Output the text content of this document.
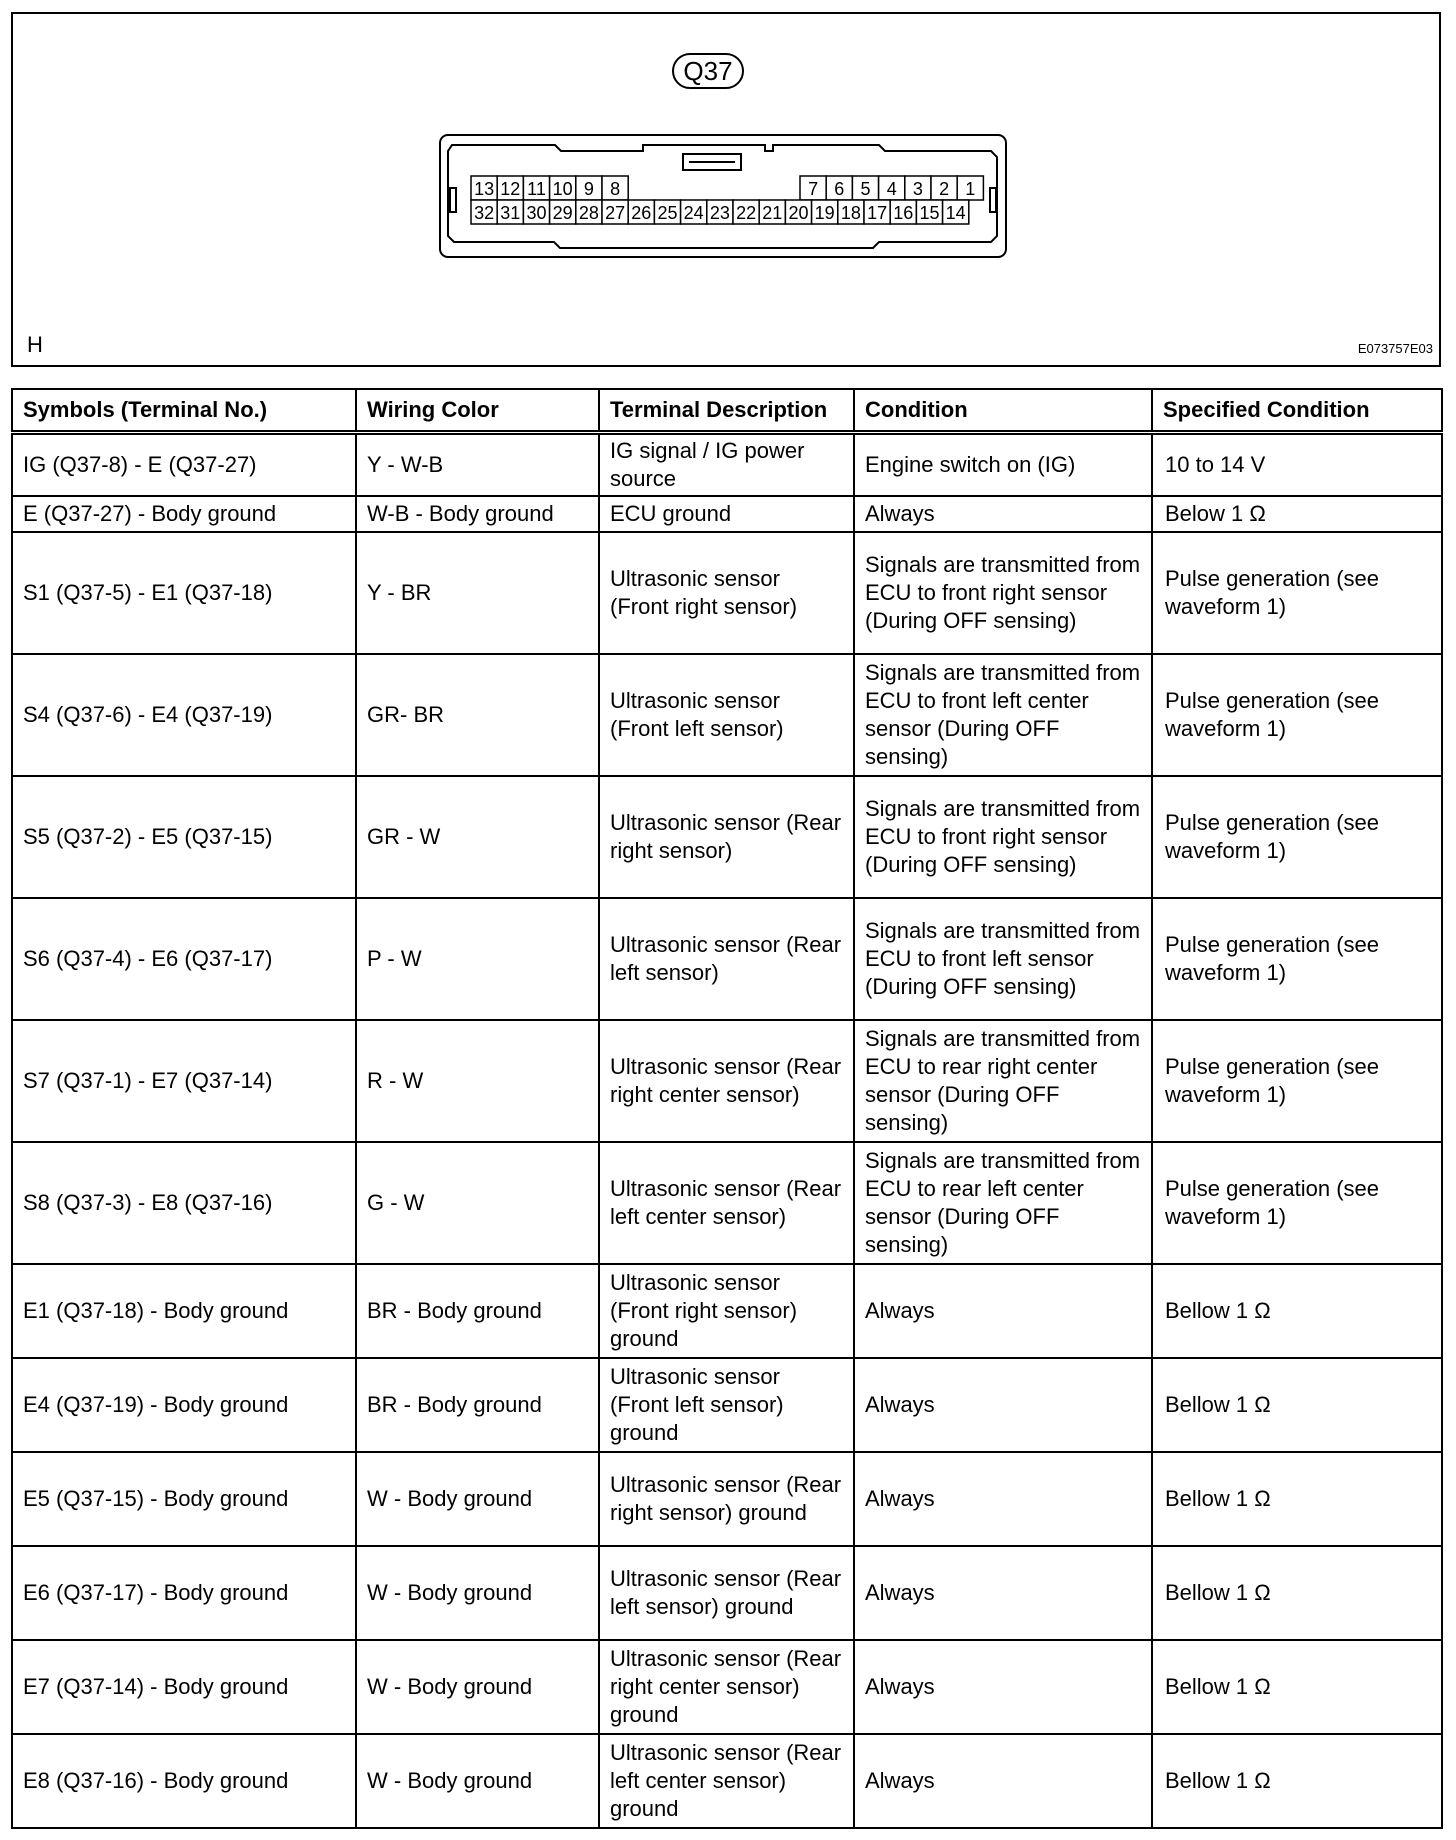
Q37
13 12 11 10 9 8	7 6 5 4 3 2 1
32 31 30 29 28 27 26 25 24 23 22 21 20 19 18 17 16 15 14
H	E073757E03
Symbols (Terminal No.)	Wiring Color	Terminal Description	Condition	Specified Condition
IG (Q37-8) - E (Q37-27)	Y - W-B	IG signal / IG power source	Engine switch on (IG)	10 to 14 V
E (Q37-27) - Body ground	W-B - Body ground	ECU ground	Always	Below 1 Ω
S1 (Q37-5) - E1 (Q37-18)	Y - BR	Ultrasonic sensor (Front right sensor)	Signals are transmitted from ECU to front right sensor (During OFF sensing)	Pulse generation (see waveform 1)
S4 (Q37-6) - E4 (Q37-19)	GR- BR	Ultrasonic sensor (Front left sensor)	Signals are transmitted from ECU to front left center sensor (During OFF sensing)	Pulse generation (see waveform 1)
S5 (Q37-2) - E5 (Q37-15)	GR - W	Ultrasonic sensor (Rear right sensor)	Signals are transmitted from ECU to front right sensor (During OFF sensing)	Pulse generation (see waveform 1)
S6 (Q37-4) - E6 (Q37-17)	P - W	Ultrasonic sensor (Rear left sensor)	Signals are transmitted from ECU to front left sensor (During OFF sensing)	Pulse generation (see waveform 1)
S7 (Q37-1) - E7 (Q37-14)	R - W	Ultrasonic sensor (Rear right center sensor)	Signals are transmitted from ECU to rear right center sensor (During OFF sensing)	Pulse generation (see waveform 1)
S8 (Q37-3) - E8 (Q37-16)	G - W	Ultrasonic sensor (Rear left center sensor)	Signals are transmitted from ECU to rear left center sensor (During OFF sensing)	Pulse generation (see waveform 1)
E1 (Q37-18) - Body ground	BR - Body ground	Ultrasonic sensor (Front right sensor) ground	Always	Bellow 1 Ω
E4 (Q37-19) - Body ground	BR - Body ground	Ultrasonic sensor (Front left sensor) ground	Always	Bellow 1 Ω
E5 (Q37-15) - Body ground	W - Body ground	Ultrasonic sensor (Rear right sensor) ground	Always	Bellow 1 Ω
E6 (Q37-17) - Body ground	W - Body ground	Ultrasonic sensor (Rear left sensor) ground	Always	Bellow 1 Ω
E7 (Q37-14) - Body ground	W - Body ground	Ultrasonic sensor (Rear right center sensor) ground	Always	Bellow 1 Ω
E8 (Q37-16) - Body ground	W - Body ground	Ultrasonic sensor (Rear left center sensor) ground	Always	Bellow 1 Ω
